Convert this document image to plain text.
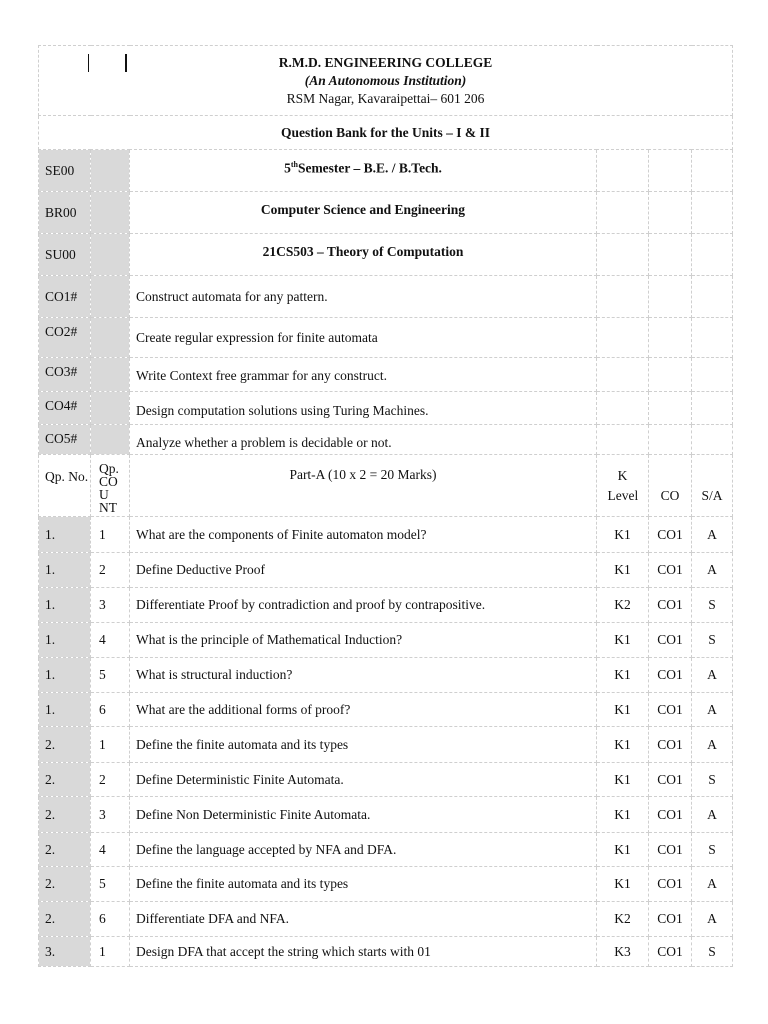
R.M.D. ENGINEERING COLLEGE
(An Autonomous Institution)
RSM Nagar, Kavaraipettai– 601 206					

Question Bank for the Units – I & II					
SE00		5thSemester – B.E. / B.Tech.			
BR00		Computer Science and Engineering			
SU00		21CS503 – Theory of Computation			
CO1#		Construct automata for any pattern.			
CO2#		Create regular expression for finite automata			
CO3#		Write Context free grammar for any construct.			
CO4#		Design computation solutions using Turing Machines.			
CO5#		Analyze whether a problem is decidable or not.			
Qp. No.	Qp. COU NT	Part-A (10 x 2 = 20 Marks)	K Level	CO	S/A
1.	1	What are the components of Finite automaton model?	K1	CO1	A
1.	2	Define Deductive Proof	K1	CO1	A
1.	3	Differentiate Proof by contradiction and proof by contrapositive.	K2	CO1	S
1.	4	What is the principle of Mathematical Induction?	K1	CO1	S
1.	5	What is structural induction?	K1	CO1	A
1.	6	What are the additional forms of proof?	K1	CO1	A
2.	1	Define the finite automata and its types	K1	CO1	A
2.	2	Define Deterministic Finite Automata.	K1	CO1	S
2.	3	Define Non Deterministic Finite Automata.	K1	CO1	A
2.	4	Define the language accepted by NFA and DFA.	K1	CO1	S
2.	5	Define the finite automata and its types	K1	CO1	A
2.	6	Differentiate DFA and NFA.	K2	CO1	A
3.	1	Design DFA that accept the string which starts with 01	K3	CO1	S
